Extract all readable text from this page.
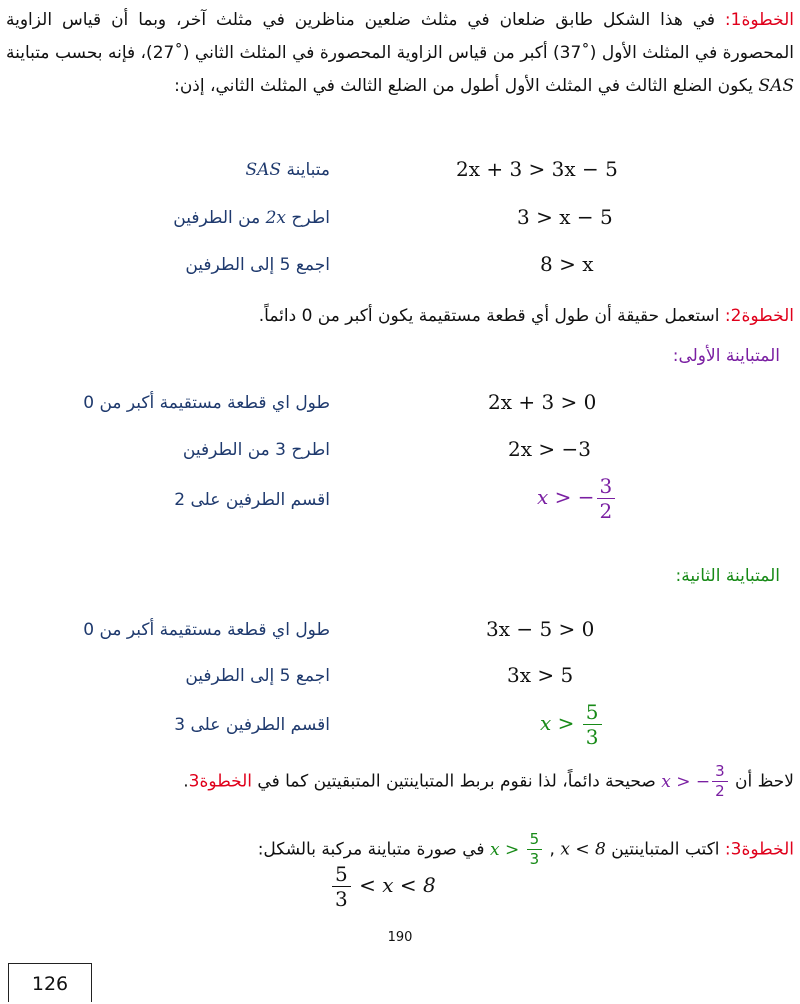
الخطوة1: في هذا الشكل طابق ضلعان في مثلث ضلعين مناظرين في مثلث آخر، وبما أن قياس الزاوية المحصورة في المثلث الأول (˚37) أكبر من قياس الزاوية المحصورة في المثلث الثاني (˚27)، فإنه بحسب متباينة SAS يكون الضلع الثالث في المثلث الأول أطول من الضلع الثالث في المثلث الثاني، إذن:
متباينة SAS	2x + 3 > 3x − 5
اطرح 2x من الطرفين	3 > x − 5
اجمع 5 إلى الطرفين	8 > x
الخطوة2: استعمل حقيقة أن طول أي قطعة مستقيمة يكون أكبر من 0 دائماً.
المتباينة الأولى:
طول اي قطعة مستقيمة أكبر من 0	2x + 3 > 0
اطرح 3 من الطرفين	2x > −3
اقسم الطرفين على 2	x > − $\frac{3}{2}$
المتباينة الثانية:
طول اي قطعة مستقيمة أكبر من 0	3x − 5 > 0
اجمع 5 إلى الطرفين	3x > 5
اقسم الطرفين على 3	$x > \frac{5}{3}$
لاحظ أن x > − $\frac{3}{2}$
صحيحة دائماً، لذا نقوم بربط المتباينتين المتبقيتين كما في الخطوة3.
الخطوة3: اكتب المتباينتين x < 8 , $x > \frac{5}{3}$
في صورة متباينة مركبة بالشكل:
$\frac{5}{3} < x < 8$
190
126
